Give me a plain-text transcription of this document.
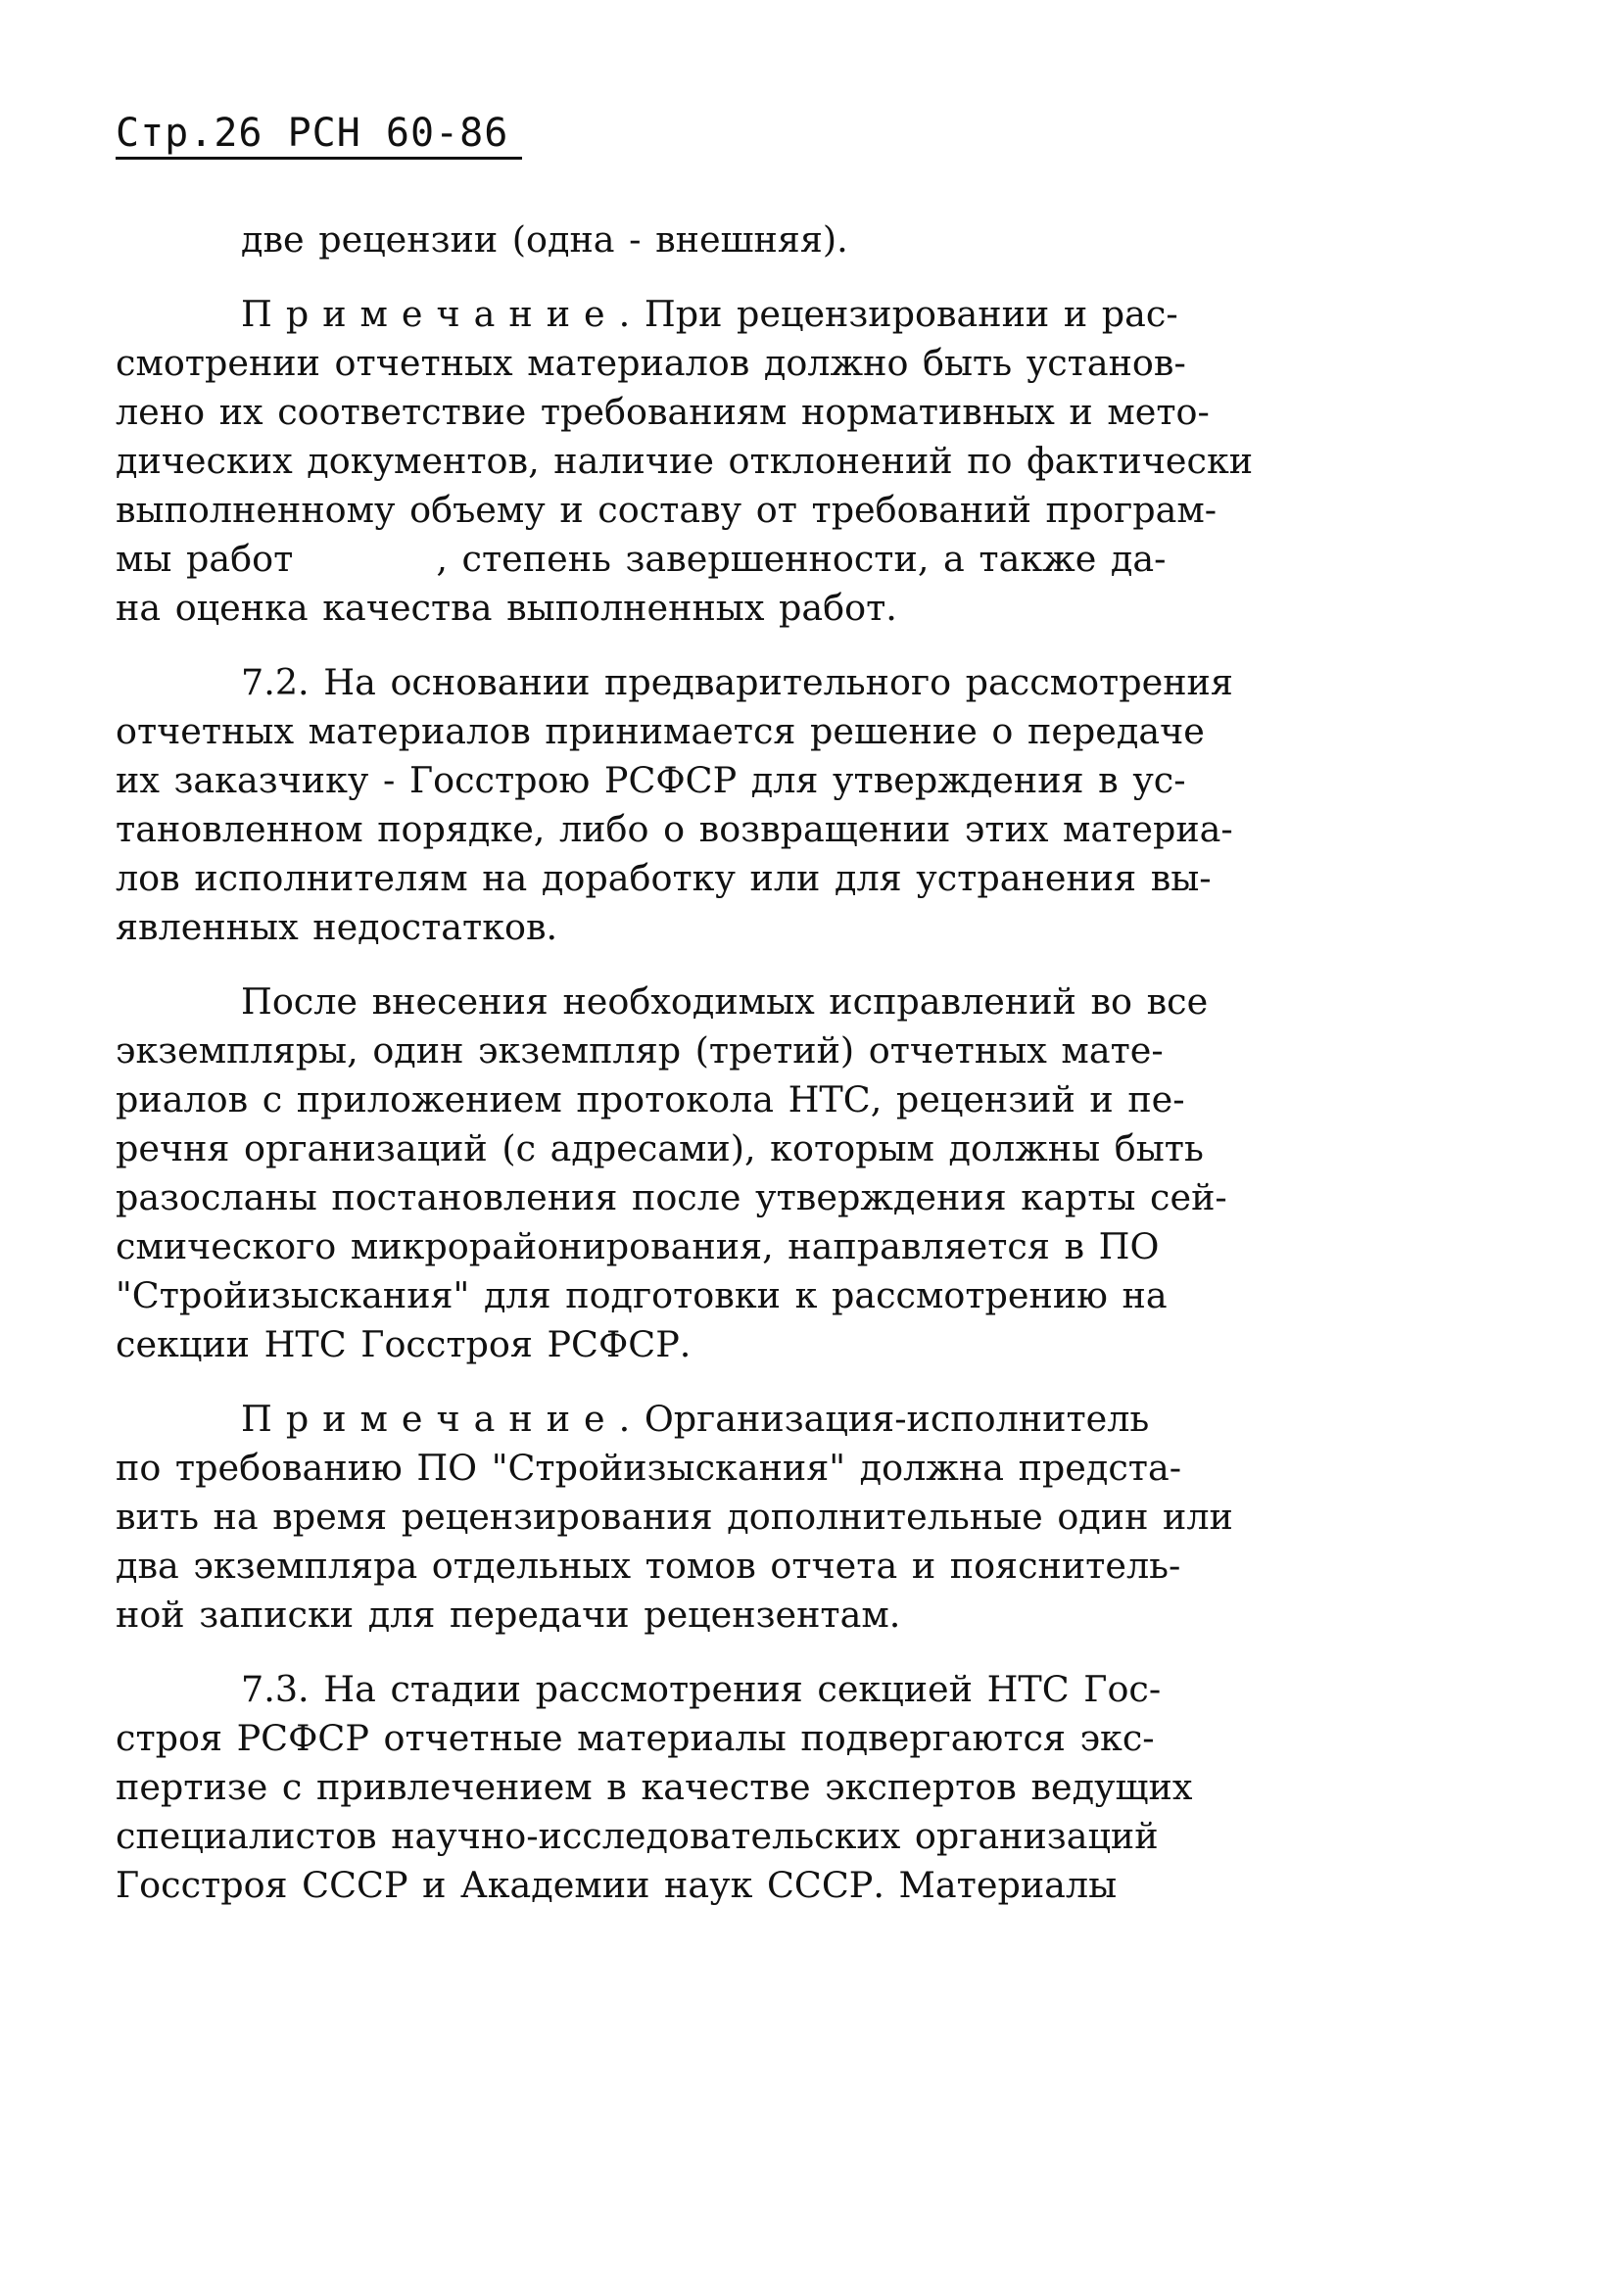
Стр.26 РСН 60-86
две рецензии (одна - внешняя).
Примечание. При рецензировании и рас-
смотрении отчетных материалов должно быть установ-
лено их соответствие требованиям нормативных и мето-
дических документов, наличие отклонений по фактически
выполненному объему и составу от требований програм-
мы работ          , степень завершенности, а также да-
на оценка качества выполненных работ.
7.2. На основании предварительного рассмотрения
отчетных материалов принимается решение о передаче
их заказчику - Госстрою РСФСР для утверждения в ус-
тановленном порядке, либо о возвращении этих материа-
лов исполнителям на доработку или для устранения вы-
явленных недостатков.
После внесения необходимых исправлений во все
экземпляры, один экземпляр (третий) отчетных мате-
риалов с приложением протокола НТС, рецензий и пе-
речня организаций (с адресами), которым должны быть
разосланы постановления после утверждения карты сей-
смического микрорайонирования, направляется в ПО
"Стройизыскания" для подготовки к рассмотрению на
секции НТС Госстроя РСФСР.
Примечание. Организация-исполнитель
по требованию ПО "Стройизыскания" должна предста-
вить на время рецензирования дополнительные один или
два экземпляра отдельных томов отчета и пояснитель-
ной записки для передачи рецензентам.
7.3. На стадии рассмотрения секцией НТС Гос-
строя РСФСР отчетные материалы подвергаются экс-
пертизе с привлечением в качестве экспертов ведущих
специалистов научно-исследовательских организаций
Госстроя СССР и Академии наук СССР. Материалы
